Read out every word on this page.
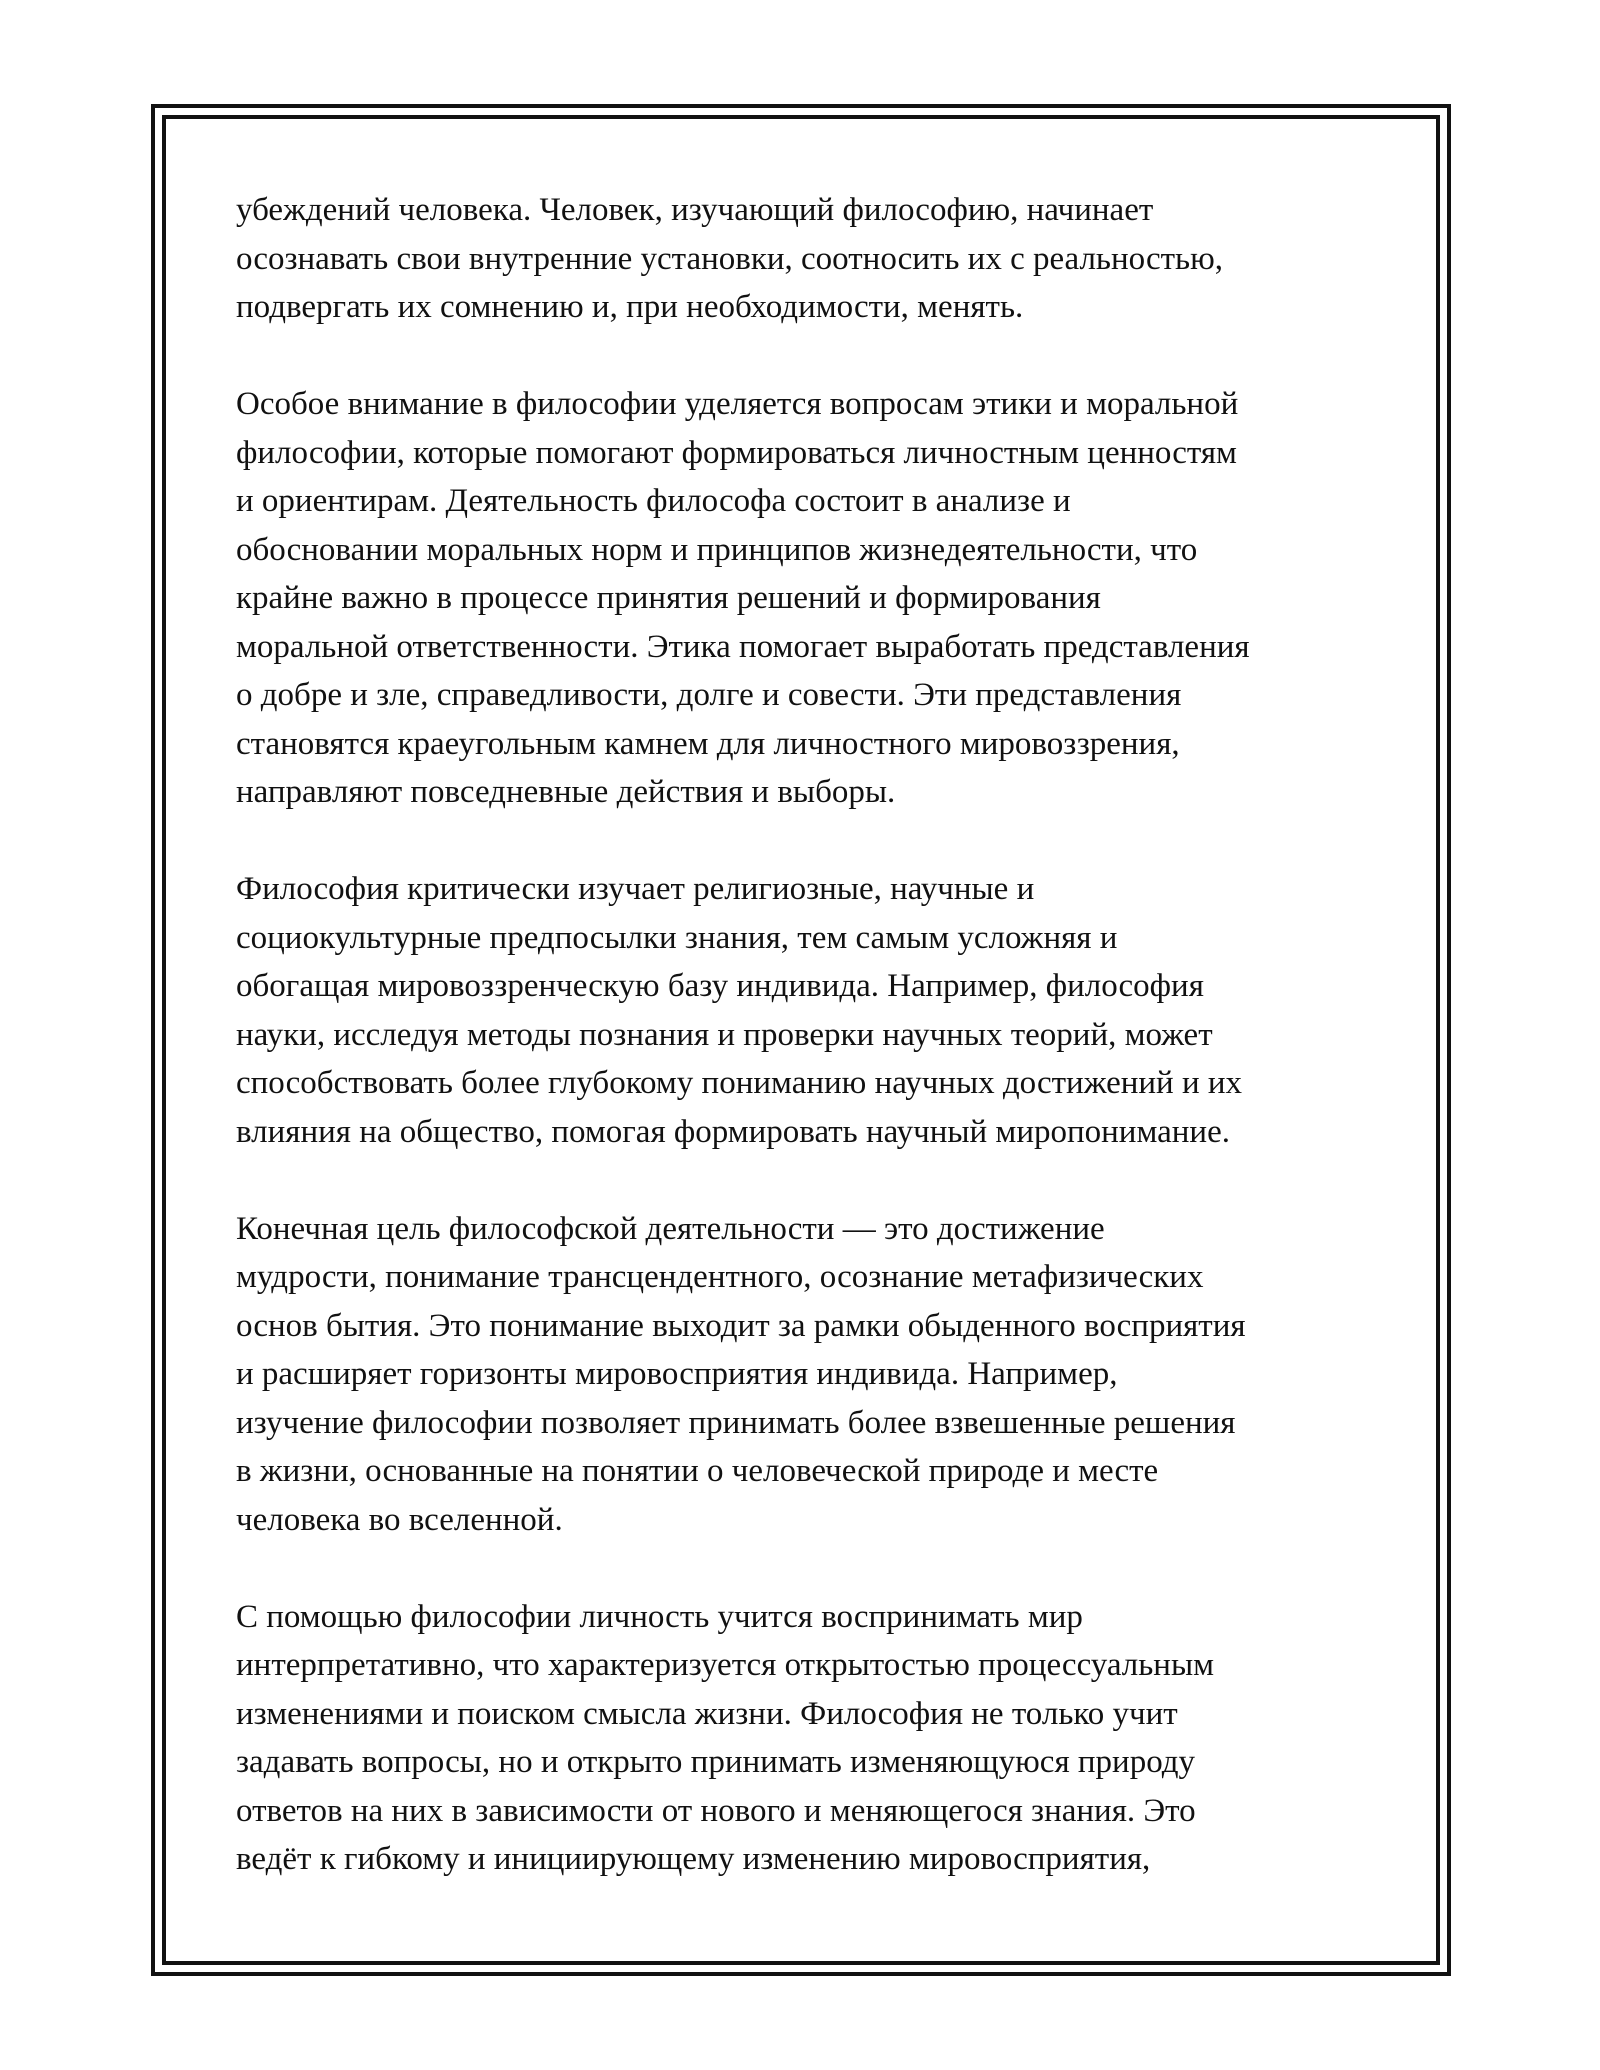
убеждений человека. Человек, изучающий философию, начинает
осознавать свои внутренние установки, соотносить их с реальностью,
подвергать их сомнению и, при необходимости, менять.
Особое внимание в философии уделяется вопросам этики и моральной
философии, которые помогают формироваться личностным ценностям
и ориентирам. Деятельность философа состоит в анализе и
обосновании моральных норм и принципов жизнедеятельности, что
крайне важно в процессе принятия решений и формирования
моральной ответственности. Этика помогает выработать представления
о добре и зле, справедливости, долге и совести. Эти представления
становятся краеугольным камнем для личностного мировоззрения,
направляют повседневные действия и выборы.
Философия критически изучает религиозные, научные и
социокультурные предпосылки знания, тем самым усложняя и
обогащая мировоззренческую базу индивида. Например, философия
науки, исследуя методы познания и проверки научных теорий, может
способствовать более глубокому пониманию научных достижений и их
влияния на общество, помогая формировать научный миропонимание.
Конечная цель философской деятельности — это достижение
мудрости, понимание трансцендентного, осознание метафизических
основ бытия. Это понимание выходит за рамки обыденного восприятия
и расширяет горизонты мировосприятия индивида. Например,
изучение философии позволяет принимать более взвешенные решения
в жизни, основанные на понятии о человеческой природе и месте
человека во вселенной.
С помощью философии личность учится воспринимать мир
интерпретативно, что характеризуется открытостью процессуальным
изменениями и поиском смысла жизни. Философия не только учит
задавать вопросы, но и открыто принимать изменяющуюся природу
ответов на них в зависимости от нового и меняющегося знания. Это
ведёт к гибкому и инициирующему изменению мировосприятия,
